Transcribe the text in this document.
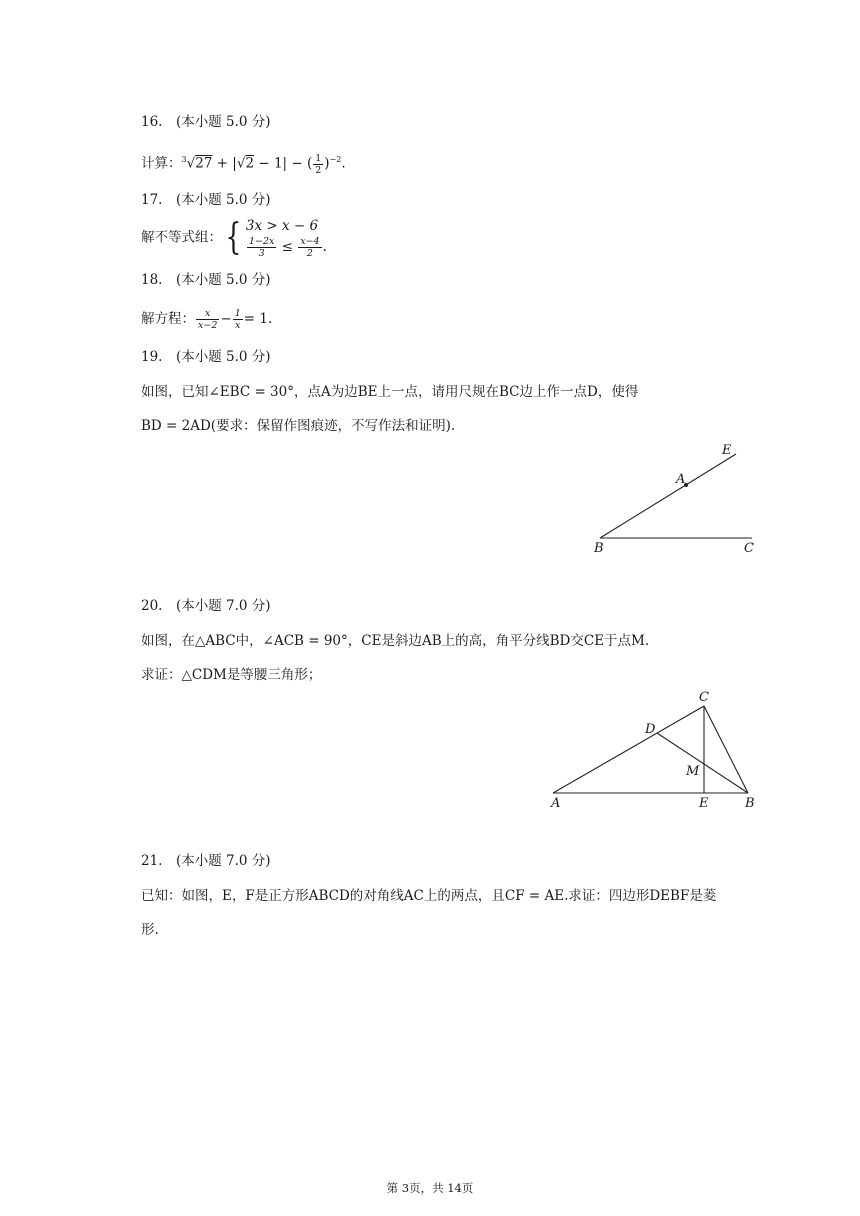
16.　(本小题 5.0 分)
计算：$^3$√27 + |√2 − 1| − ( $\frac{1}{2} )^{-2}$.
17.　(本小题 5.0 分)
解不等式组：{ 3x > x − 6
$\frac{1-2x}{3} \le \frac{x-4}{2}$ .
18.　(本小题 5.0 分)
解方程： $\frac{x}{x-2} - \frac{1}{x} = 1$.
19.　(本小题 5.0 分)
如图，已知∠EBC = 30°，点A为边BE上一点，请用尺规在BC边上作一点D，使得
BD = 2AD(要求：保留作图痕迹，不写作法和证明).
E
A
B	C
20.　(本小题 7.0 分)
如图，在△ABC中，∠ACB = 90°，CE是斜边AB上的高，角平分线BD交CE于点M.
求证：△CDM是等腰三角形；
C
D
M
A	E	B
21.　(本小题 7.0 分)
已知：如图，E，F是正方形ABCD的对角线AC上的两点，且CF = AE.求证：四边形DEBF是菱
形.
第 3页，共 14页
